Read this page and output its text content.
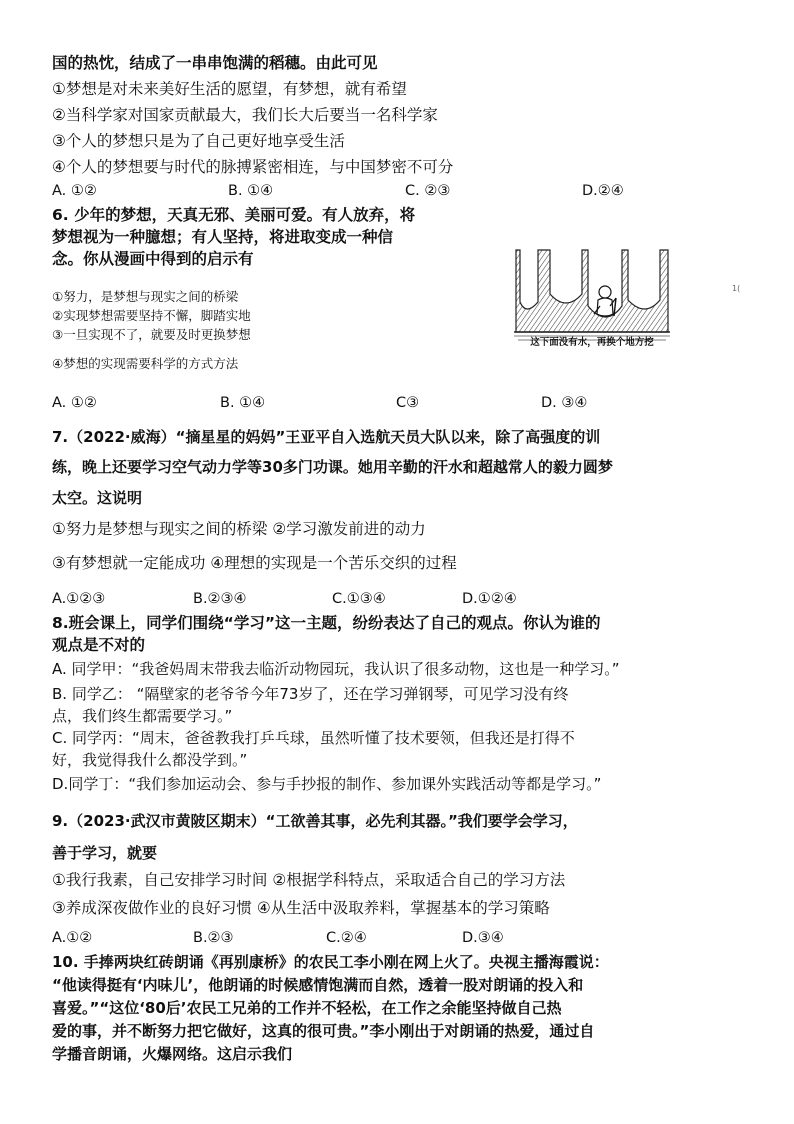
国的热忱，结成了一串串饱满的稻穗。由此可见
①梦想是对未来美好生活的愿望，有梦想，就有希望
②当科学家对国家贡献最大，我们长大后要当一名科学家
③个人的梦想只是为了自己更好地享受生活
④个人的梦想要与时代的脉搏紧密相连，与中国梦密不可分
A. ①②	B. ①④	C. ②③	D.②④
6. 少年的梦想，天真无邪、美丽可爱。有人放弃，将
梦想视为一种臆想；有人坚持，将进取变成一种信
念。你从漫画中得到的启示有
①努力，是梦想与现实之间的桥梁
②实现梦想需要坚持不懈，脚踏实地
③一旦实现不了，就要及时更换梦想
④梦想的实现需要科学的方式方法
这下面没有水，再换个地方挖
1(
A. ①②	B. ①④	C③	D. ③④
7.（2022·威海）“摘星星的妈妈”王亚平自入选航天员大队以来，除了高强度的训
练，晚上还要学习空气动力学等30多门功课。她用辛勤的汗水和超越常人的毅力圆梦
太空。这说明
①努力是梦想与现实之间的桥梁 ②学习激发前进的动力
③有梦想就一定能成功 ④理想的实现是一个苦乐交织的过程
A.①②③	B.②③④	C.①③④	D.①②④
8.班会课上，同学们围绕“学习”这一主题，纷纷表达了自己的观点。你认为谁的
观点是不对的
A. 同学甲：“我爸妈周末带我去临沂动物园玩，我认识了很多动物，这也是一种学习。”
B. 同学乙： “隔壁家的老爷爷今年73岁了，还在学习弹钢琴，可见学习没有终
点，我们终生都需要学习。”
C. 同学丙：“周末，爸爸教我打乒乓球，虽然听懂了技术要领，但我还是打得不
好，我觉得我什么都没学到。”
D.同学丁：“我们参加运动会、参与手抄报的制作、参加课外实践活动等都是学习。”
9.（2023·武汉市黄陂区期末）“工欲善其事，必先利其器。”我们要学会学习，
善于学习，就要
①我行我素，自己安排学习时间 ②根据学科特点，采取适合自己的学习方法
③养成深夜做作业的良好习惯 ④从生活中汲取养料，掌握基本的学习策略
A.①②	B.②③	C.②④	D.③④
10. 手捧两块红砖朗诵《再别康桥》的农民工李小刚在网上火了。央视主播海霞说：
“他读得挺有‘内味儿’，他朗诵的时候感情饱满而自然，透着一股对朗诵的投入和
喜爱。”“这位‘80后’农民工兄弟的工作并不轻松，在工作之余能坚持做自己热
爱的事，并不断努力把它做好，这真的很可贵。”李小刚出于对朗诵的热爱，通过自
学播音朗诵，火爆网络。这启示我们
